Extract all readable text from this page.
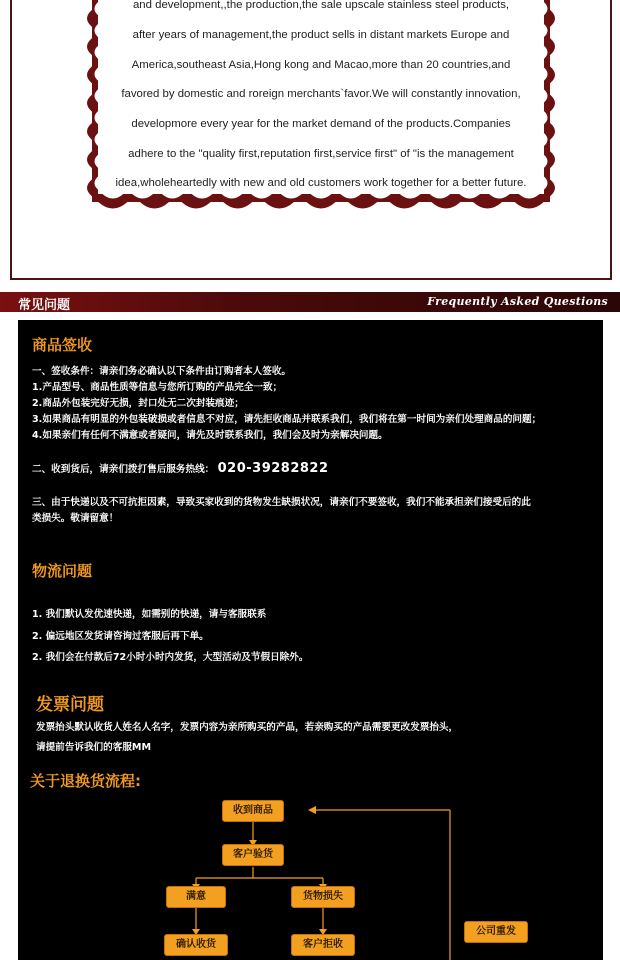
and development,,the production,the sale upscale stainless steel products,
after years of management,the product sells in distant markets Europe and
America,southeast Asia,Hong kong and Macao,more than 20 countries,and
favored by domestic and roreign merchants`favor.We will constantly innovation,
developmore every year for the market demand of the products.Companies
adhere to the "quality first,reputation first,service first" of "is the management
idea,wholeheartedly with new and old customers work together for a better future.
常见问题	Frequently Asked Questions
商品签收
一、签收条件：请亲们务必确认以下条件由订购者本人签收。
1.产品型号、商品性质等信息与您所订购的产品完全一致；
2.商品外包装完好无损，封口处无二次封装痕迹；
3.如果商品有明显的外包装破损或者信息不对应，请先拒收商品并联系我们，我们将在第一时间为亲们处理商品的问题；
4.如果亲们有任何不满意或者疑问，请先及时联系我们，我们会及时为亲解决问题。
二、收到货后，请亲们拨打售后服务热线： 020-39282822
三、由于快递以及不可抗拒因素，导致买家收到的货物发生缺损状况，请亲们不要签收，我们不能承担亲们接受后的此
类损失。敬请留意！
物流问题
1. 我们默认发优速快递，如需别的快递，请与客服联系
2. 偏远地区发货请咨询过客服后再下单。
2. 我们会在付款后72小时小时内发货，大型活动及节假日除外。
发票问题
发票抬头默认收货人姓名人名字，发票内容为亲所购买的产品，若亲购买的产品需要更改发票抬头，
请提前告诉我们的客服MM
关于退换货流程:
收到商品
客户验货
满意	货物损失
确认收货	客户拒收
公司重发
